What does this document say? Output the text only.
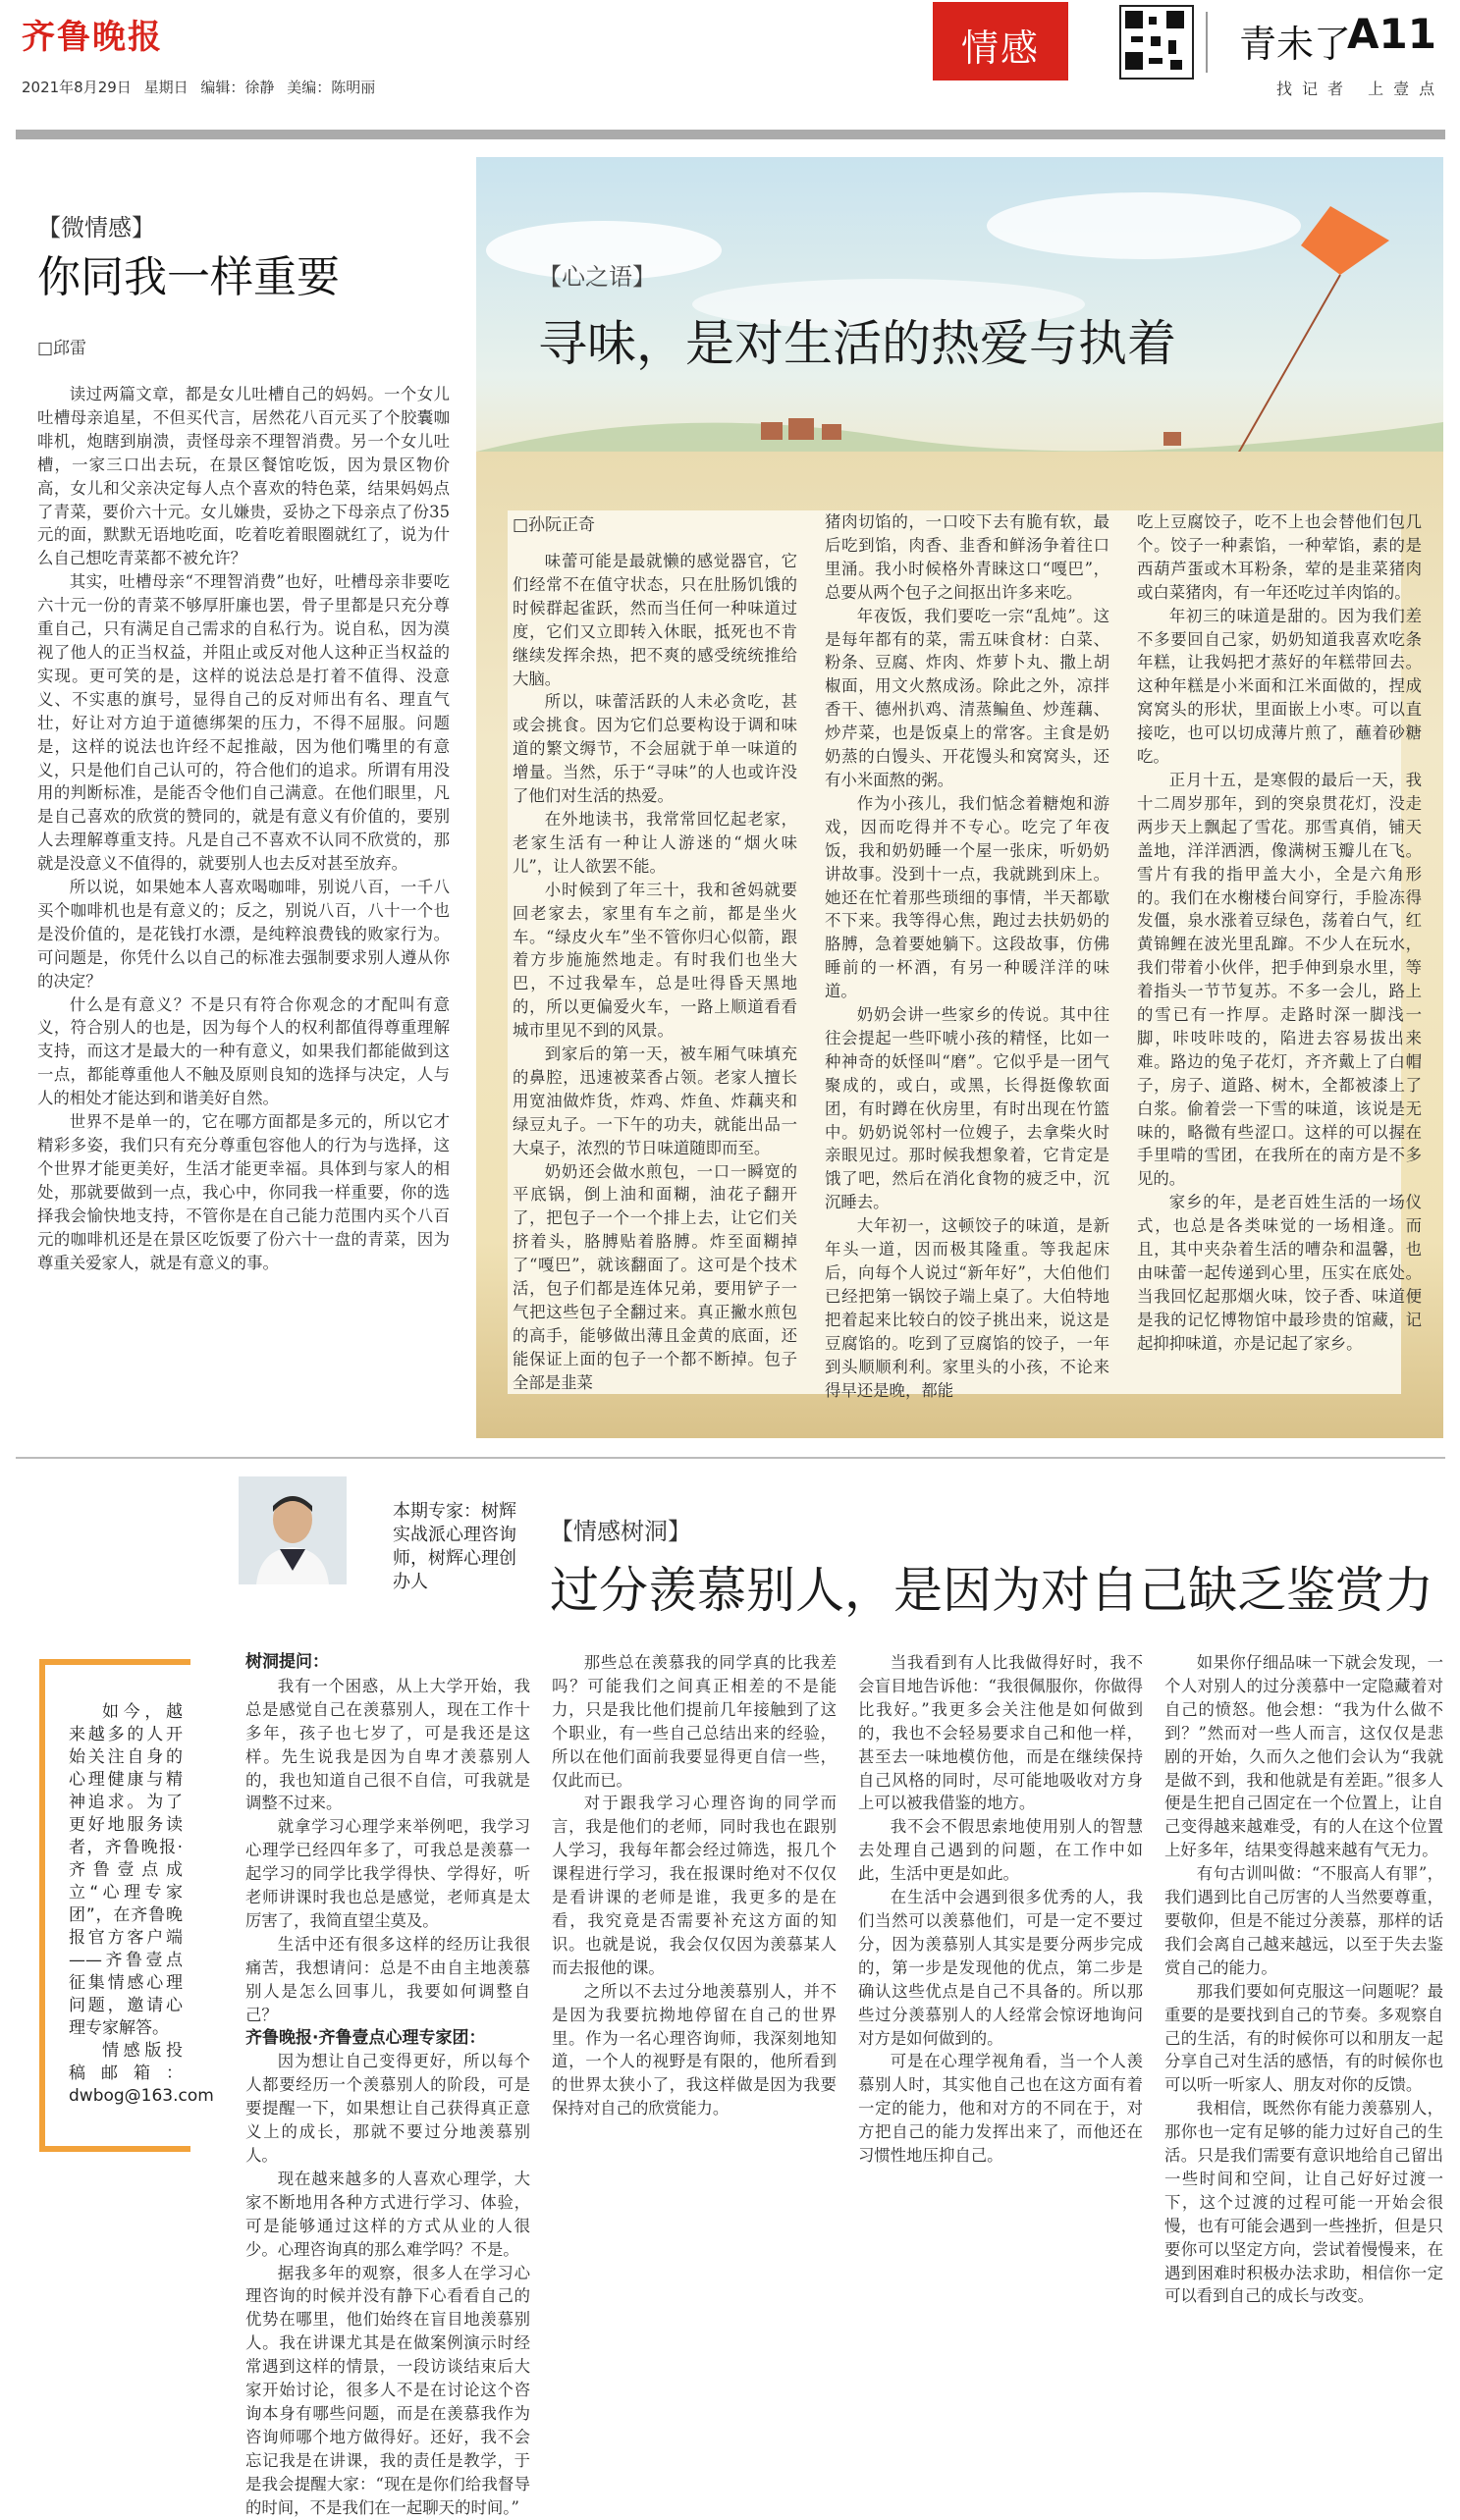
齐鲁晚报
2021年8月29日 星期日 编辑：徐静 美编：陈明丽
情感	青未了
A11
找记者 上壹点
【微情感】
你同我一样重要
□邱雷

读过两篇文章，都是女儿吐槽自己的妈妈。一个女儿吐槽母亲追星，不但买代言，居然花八百元买了个胶囊咖啡机，炮瞎到崩溃，责怪母亲不理智消费。另一个女儿吐槽，一家三口出去玩，在景区餐馆吃饭，因为景区物价高，女儿和父亲决定每人点个喜欢的特色菜，结果妈妈点了青菜，要价六十元。女儿嫌贵，妥协之下母亲点了份35元的面，默默无语地吃面，吃着吃着眼圈就红了，说为什么自己想吃青菜都不被允许？

其实，吐槽母亲“不理智消费”也好，吐槽母亲非要吃六十元一份的青菜不够厚肝廉也罢，骨子里都是只充分尊重自己，只有满足自己需求的自私行为。说自私，因为漠视了他人的正当权益，并阻止或反对他人这种正当权益的实现。更可笑的是，这样的说法总是打着不值得、没意义、不实惠的旗号，显得自己的反对师出有名、理直气壮，好让对方迫于道德绑架的压力，不得不屈服。问题是，这样的说法也许经不起推敲，因为他们嘴里的有意义，只是他们自己认可的，符合他们的追求。所谓有用没用的判断标准，是能否令他们自己满意。在他们眼里，凡是自己喜欢的欣赏的赞同的，就是有意义有价值的，要别人去理解尊重支持。凡是自己不喜欢不认同不欣赏的，那就是没意义不值得的，就要别人也去反对甚至放弃。

所以说，如果她本人喜欢喝咖啡，别说八百，一千八买个咖啡机也是有意义的；反之，别说八百，八十一个也是没价值的，是花钱打水漂，是纯粹浪费钱的败家行为。可问题是，你凭什么以自己的标准去强制要求别人遵从你的决定？

什么是有意义？不是只有符合你观念的才配叫有意义，符合别人的也是，因为每个人的权利都值得尊重理解支持，而这才是最大的一种有意义，如果我们都能做到这一点，都能尊重他人不触及原则良知的选择与决定，人与人的相处才能达到和谐美好自然。

世界不是单一的，它在哪方面都是多元的，所以它才精彩多姿，我们只有充分尊重包容他人的行为与选择，这个世界才能更美好，生活才能更幸福。具体到与家人的相处，那就要做到一点，我心中，你同我一样重要，你的选择我会愉快地支持，不管你是在自己能力范围内买个八百元的咖啡机还是在景区吃饭要了份六十一盘的青菜，因为尊重关爱家人，就是有意义的事。

【心之语】
寻味，是对生活的热爱与执着
□孙阮正奇

味蕾可能是最就懒的感觉器官，它们经常不在值守状态，只在肚肠饥饿的时候群起雀跃，然而当任何一种味道过度，它们又立即转入休眠，抵死也不肯继续发挥余热，把不爽的感受统统推给大脑。

所以，味蕾活跃的人未必贪吃，甚或会挑食。因为它们总要构设于调和味道的繁文缛节，不会屈就于单一味道的增量。当然，乐于“寻味”的人也或许没了他们对生活的热爱。

在外地读书，我常常回忆起老家，老家生活有一种让人游迷的“烟火味儿”，让人欲罢不能。

小时候到了年三十，我和爸妈就要回老家去，家里有车之前，都是坐火车。“绿皮火车”坐不管你归心似箭，跟着方步施施然地走。有时我们也坐大巴，不过我晕车，总是吐得昏天黑地的，所以更偏爱火车，一路上顺道看看城市里见不到的风景。

到家后的第一天，被车厢气味填充的鼻腔，迅速被菜香占领。老家人擅长用宽油做炸货，炸鸡、炸鱼、炸藕夹和绿豆丸子。一下午的功夫，就能出品一大桌子，浓烈的节日味道随即而至。

奶奶还会做水煎包，一口一瞬宽的平底锅，倒上油和面糊，油花子翻开了，把包子一个一个排上去，让它们关挤着头，胳膊贴着胳膊。炸至面糊掉了“嘎巴”，就该翻面了。这可是个技术活，包子们都是连体兄弟，要用铲子一气把这些包子全翻过来。真正撇水煎包的高手，能够做出薄且金黄的底面，还能保证上面的包子一个都不断掉。包子全部是韭菜

猪肉切馅的，一口咬下去有脆有软，最后吃到馅，肉香、韭香和鲜汤争着往口里涌。我小时候格外青睐这口“嘎巴”，总要从两个包子之间抠出许多来吃。

年夜饭，我们要吃一宗“乱炖”。这是每年都有的菜，需五味食材：白菜、粉条、豆腐、炸肉、炸萝卜丸、撒上胡椒面，用文火熬成汤。除此之外，凉拌香干、德州扒鸡、清蒸鳊鱼、炒莲藕、炒芹菜，也是饭桌上的常客。主食是奶奶蒸的白馒头、开花馒头和窝窝头，还有小米面熬的粥。

作为小孩儿，我们惦念着糖炮和游戏，因而吃得并不专心。吃完了年夜饭，我和奶奶睡一个屋一张床，听奶奶讲故事。没到十一点，我就跳到床上。她还在忙着那些琐细的事情，半天都歇不下来。我等得心焦，跑过去扶奶奶的胳膊，急着要她躺下。这段故事，仿佛睡前的一杯酒，有另一种暖洋洋的味道。

奶奶会讲一些家乡的传说。其中往往会提起一些吓唬小孩的精怪，比如一种神奇的妖怪叫“磨”。它似乎是一团气聚成的，或白，或黑，长得挺像软面团，有时蹲在伙房里，有时出现在竹篮中。奶奶说邻村一位嫂子，去拿柴火时亲眼见过。那时候我想象着，它肯定是饿了吧，然后在消化食物的疲乏中，沉沉睡去。

大年初一，这顿饺子的味道，是新年头一道，因而极其隆重。等我起床后，向每个人说过“新年好”，大伯他们已经把第一锅饺子端上桌了。大伯特地把着起来比较白的饺子挑出来，说这是豆腐馅的。吃到了豆腐馅的饺子，一年到头顺顺利利。家里头的小孩，不论来得早还是晚，都能

吃上豆腐饺子，吃不上也会替他们包几个。饺子一种素馅，一种荤馅，素的是西葫芦蛋或木耳粉条，荤的是韭菜猪肉或白菜猪肉，有一年还吃过羊肉馅的。

年初三的味道是甜的。因为我们差不多要回自己家，奶奶知道我喜欢吃条年糕，让我妈把才蒸好的年糕带回去。这种年糕是小米面和江米面做的，捏成窝窝头的形状，里面嵌上小枣。可以直接吃，也可以切成薄片煎了，蘸着砂糖吃。

正月十五，是寒假的最后一天，我十二周岁那年，到的突泉贯花灯，没走两步天上飘起了雪花。那雪真俏，铺天盖地，洋洋洒洒，像满树玉瓣儿在飞。雪片有我的指甲盖大小，全是六角形的。我们在水榭楼台间穿行，手脸冻得发僵，泉水涨着豆绿色，荡着白气，红黄锦鲤在波光里乱蹿。不少人在玩水，我们带着小伙伴，把手伸到泉水里，等着指头一节节复苏。不多一会儿，路上的雪已有一拃厚。走路时深一脚浅一脚，咔吱咔吱的，陷进去容易拔出来难。路边的兔子花灯，齐齐戴上了白帽子，房子、道路、树木，全都被漆上了白浆。偷着尝一下雪的味道，该说是无味的，略微有些涩口。这样的可以握在手里啃的雪团，在我所在的南方是不多见的。

家乡的年，是老百姓生活的一场仪式，也总是各类味觉的一场相逢。而且，其中夹杂着生活的嘈杂和温馨，也由味蕾一起传递到心里，压实在底处。当我回忆起那烟火味，饺子香、味道便是我的记忆博物馆中最珍贵的馆藏，记起抑抑味道，亦是记起了家乡。

本期专家：树辉
实战派心理咨询师，树辉心理创办人
【情感树洞】
过分羡慕别人，是因为对自己缺乏鉴赏力

如今，越来越多的人开始关注自身的心理健康与精神追求。为了更好地服务读者，齐鲁晚报·齐鲁壹点成立“心理专家团”，在齐鲁晚报官方客户端——齐鲁壹点征集情感心理问题，邀请心理专家解答。

情感版投稿邮箱：dwbog@163.com

树洞提问：

我有一个困惑，从上大学开始，我总是感觉自己在羡慕别人，现在工作十多年，孩子也七岁了，可是我还是这样。先生说我是因为自卑才羡慕别人的，我也知道自己很不自信，可我就是调整不过来。

就拿学习心理学来举例吧，我学习心理学已经四年多了，可我总是羡慕一起学习的同学比我学得快、学得好，听老师讲课时我也总是感觉，老师真是太厉害了，我简直望尘莫及。

生活中还有很多这样的经历让我很痛苦，我想请问：总是不由自主地羡慕别人是怎么回事儿，我要如何调整自己？

齐鲁晚报·齐鲁壹点心理专家团：

因为想让自己变得更好，所以每个人都要经历一个羡慕别人的阶段，可是要提醒一下，如果想让自己获得真正意义上的成长，那就不要过分地羡慕别人。

现在越来越多的人喜欢心理学，大家不断地用各种方式进行学习、体验，可是能够通过这样的方式从业的人很少。心理咨询真的那么难学吗？不是。

据我多年的观察，很多人在学习心理咨询的时候并没有静下心看看自己的优势在哪里，他们始终在盲目地羡慕别人。我在讲课尤其是在做案例演示时经常遇到这样的情景，一段访谈结束后大家开始讨论，很多人不是在讨论这个咨询本身有哪些问题，而是在羡慕我作为咨询师哪个地方做得好。还好，我不会忘记我是在讲课，我的责任是教学，于是我会提醒大家：“现在是你们给我督导的时间，不是我们在一起聊天的时间。”

那些总在羡慕我的同学真的比我差吗？可能我们之间真正相差的不是能力，只是我比他们提前几年接触到了这个职业，有一些自己总结出来的经验，所以在他们面前我要显得更自信一些，仅此而已。

对于跟我学习心理咨询的同学而言，我是他们的老师，同时我也在跟别人学习，我每年都会经过筛选，报几个课程进行学习，我在报课时绝对不仅仅是看讲课的老师是谁，我更多的是在看，我究竟是否需要补充这方面的知识。也就是说，我会仅仅因为羡慕某人而去报他的课。

之所以不去过分地羡慕别人，并不是因为我要抗拗地停留在自己的世界里。作为一名心理咨询师，我深刻地知道，一个人的视野是有限的，他所看到的世界太狭小了，我这样做是因为我要保持对自己的欣赏能力。

当我看到有人比我做得好时，我不会盲目地告诉他：“我很佩服你，你做得比我好。”我更多会关注他是如何做到的，我也不会轻易要求自己和他一样，甚至去一味地模仿他，而是在继续保持自己风格的同时，尽可能地吸收对方身上可以被我借鉴的地方。

我不会不假思索地使用别人的智慧去处理自己遇到的问题，在工作中如此，生活中更是如此。

在生活中会遇到很多优秀的人，我们当然可以羡慕他们，可是一定不要过分，因为羡慕别人其实是要分两步完成的，第一步是发现他的优点，第二步是确认这些优点是自己不具备的。所以那些过分羡慕别人的人经常会惊讶地询问对方是如何做到的。

可是在心理学视角看，当一个人羡慕别人时，其实他自己也在这方面有着一定的能力，他和对方的不同在于，对方把自己的能力发挥出来了，而他还在习惯性地压抑自己。

如果你仔细品味一下就会发现，一个人对别人的过分羡慕中一定隐藏着对自己的愤怒。他会想：“我为什么做不到？”然而对一些人而言，这仅仅是悲剧的开始，久而久之他们会认为“我就是做不到，我和他就是有差距。”很多人便是生把自己固定在一个位置上，让自己变得越来越难受，有的人在这个位置上好多年，结果变得越来越有气无力。

有句古训叫做：“不服高人有罪”，我们遇到比自己厉害的人当然要尊重，要敬仰，但是不能过分羡慕，那样的话我们会离自己越来越远，以至于失去鉴赏自己的能力。

那我们要如何克服这一问题呢？最重要的是要找到自己的节奏。多观察自己的生活，有的时候你可以和朋友一起分享自己对生活的感悟，有的时候你也可以听一听家人、朋友对你的反馈。

我相信，既然你有能力羡慕别人，那你也一定有足够的能力过好自己的生活。只是我们需要有意识地给自己留出一些时间和空间，让自己好好过渡一下，这个过渡的过程可能一开始会很慢，也有可能会遇到一些挫折，但是只要你可以坚定方向，尝试着慢慢来，在遇到困难时积极办法求助，相信你一定可以看到自己的成长与改变。
